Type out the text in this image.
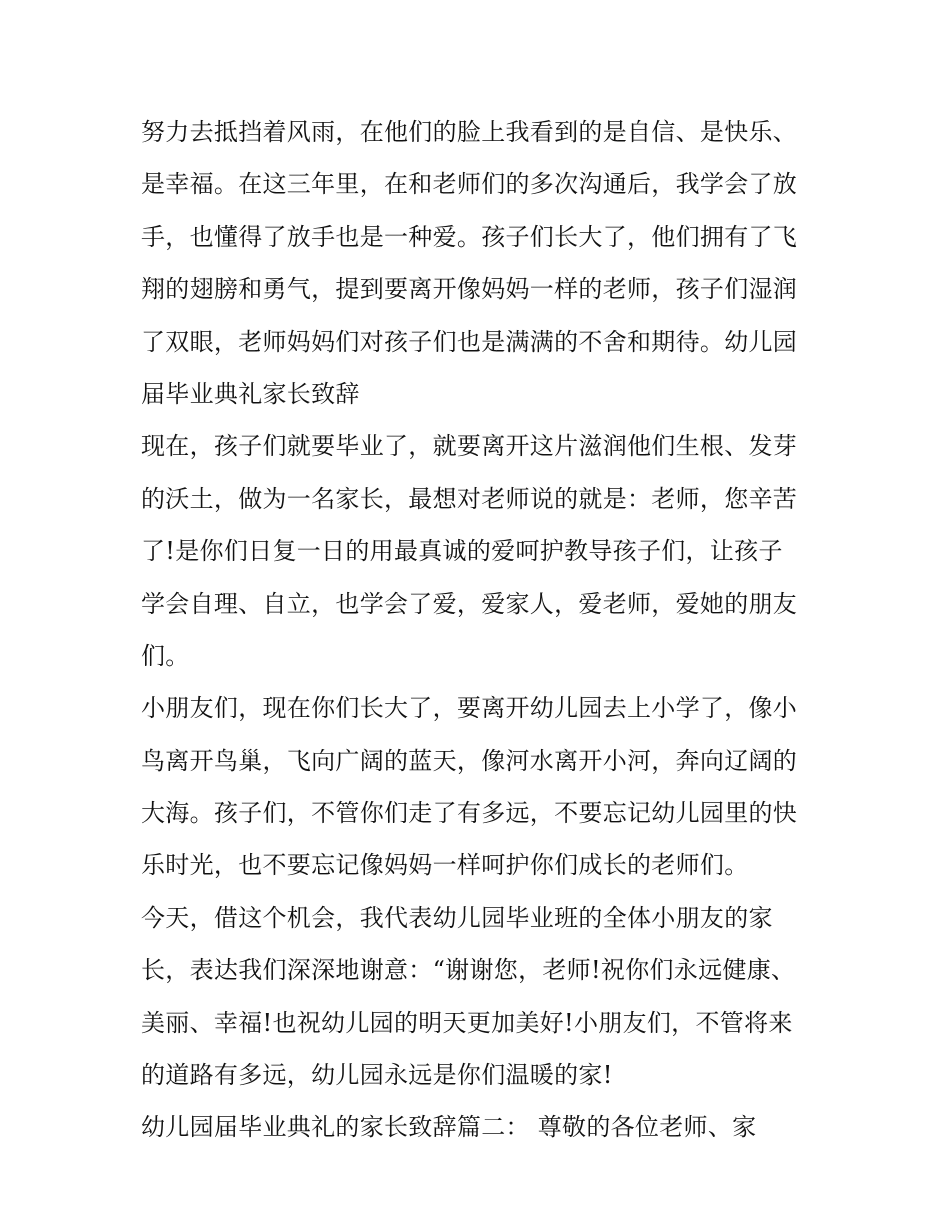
努力去抵挡着风雨，在他们的脸上我看到的是自信、是快乐、
是幸福。在这三年里，在和老师们的多次沟通后，我学会了放
手，也懂得了放手也是一种爱。孩子们长大了，他们拥有了飞
翔的翅膀和勇气，提到要离开像妈妈一样的老师，孩子们湿润
了双眼，老师妈妈们对孩子们也是满满的不舍和期待。幼儿园
届毕业典礼家长致辞
现在，孩子们就要毕业了，就要离开这片滋润他们生根、发芽
的沃土，做为一名家长，最想对老师说的就是：老师，您辛苦
了!是你们日复一日的用最真诚的爱呵护教导孩子们，让孩子
学会自理、自立，也学会了爱，爱家人，爱老师，爱她的朋友
们。
小朋友们，现在你们长大了，要离开幼儿园去上小学了，像小
鸟离开鸟巢，飞向广阔的蓝天，像河水离开小河，奔向辽阔的
大海。孩子们，不管你们走了有多远，不要忘记幼儿园里的快
乐时光，也不要忘记像妈妈一样呵护你们成长的老师们。
今天，借这个机会，我代表幼儿园毕业班的全体小朋友的家
长，表达我们深深地谢意：“谢谢您，老师!祝你们永远健康、
美丽、幸福!也祝幼儿园的明天更加美好!小朋友们，不管将来
的道路有多远，幼儿园永远是你们温暖的家!
幼儿园届毕业典礼的家长致辞篇二： 尊敬的各位老师、家
